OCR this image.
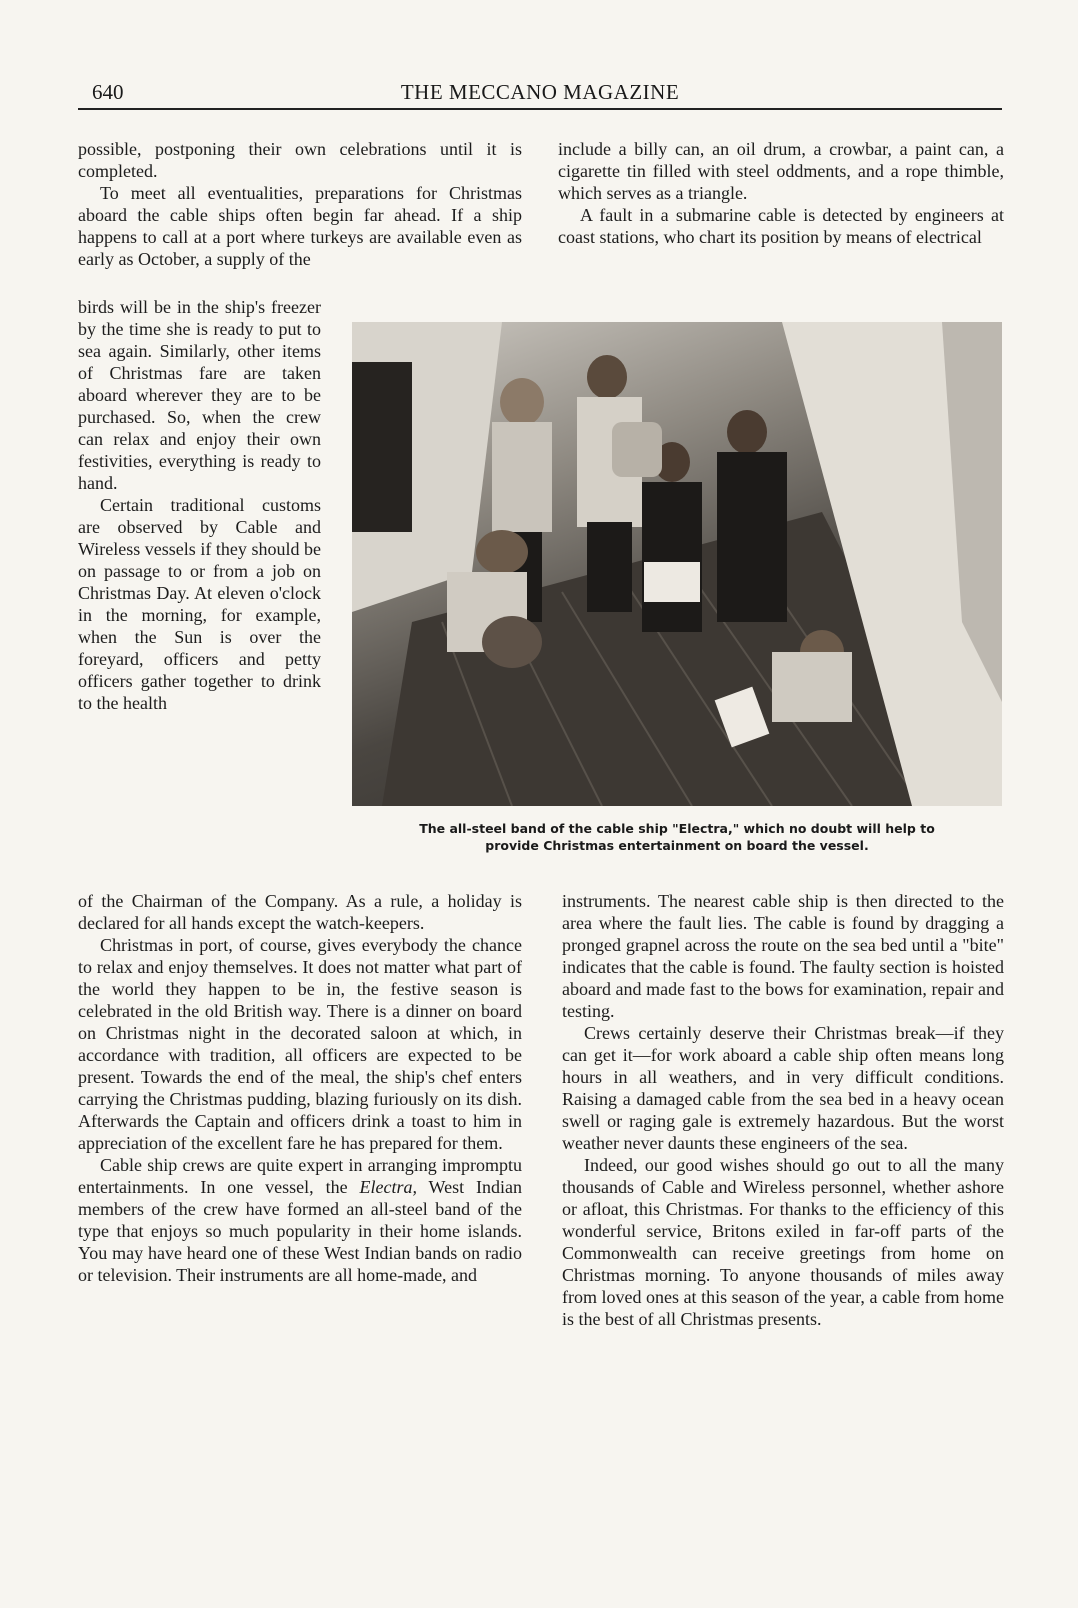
640	THE MECCANO MAGAZINE

possible, postponing their own celebrations until it is completed.

To meet all eventualities, preparations for Christmas aboard the cable ships often begin far ahead. If a ship happens to call at a port where turkeys are available even as early as October, a supply of the

birds will be in the ship's freezer by the time she is ready to put to sea again. Similarly, other items of Christmas fare are taken aboard wherever they are to be purchased. So, when the crew can relax and enjoy their own festivities, everything is ready to hand.

Certain traditional customs are observed by Cable and Wireless vessels if they should be on passage to or from a job on Christmas Day. At eleven o'clock in the morning, for example, when the Sun is over the foreyard, officers and petty officers gather together to drink to the health

include a billy can, an oil drum, a crowbar, a paint can, a cigarette tin filled with steel oddments, and a rope thimble, which serves as a triangle.

A fault in a submarine cable is detected by engineers at coast stations, who chart its position by means of electrical

The all-steel band of the cable ship "Electra," which no doubt will help to
provide Christmas entertainment on board the vessel.

of the Chairman of the Company. As a rule, a holiday is declared for all hands except the watch-keepers.

Christmas in port, of course, gives everybody the chance to relax and enjoy themselves. It does not matter what part of the world they happen to be in, the festive season is celebrated in the old British way. There is a dinner on board on Christmas night in the decorated saloon at which, in accordance with tradition, all officers are expected to be present. Towards the end of the meal, the ship's chef enters carrying the Christmas pudding, blazing furiously on its dish. Afterwards the Captain and officers drink a toast to him in appreciation of the excellent fare he has prepared for them.

Cable ship crews are quite expert in arranging impromptu entertainments. In one vessel, the Electra, West Indian members of the crew have formed an all-steel band of the type that enjoys so much popularity in their home islands. You may have heard one of these West Indian bands on radio or television. Their instruments are all home-made, and

instruments. The nearest cable ship is then directed to the area where the fault lies. The cable is found by dragging a pronged grapnel across the route on the sea bed until a "bite" indicates that the cable is found. The faulty section is hoisted aboard and made fast to the bows for examination, repair and testing.

Crews certainly deserve their Christmas break—if they can get it—for work aboard a cable ship often means long hours in all weathers, and in very difficult conditions. Raising a damaged cable from the sea bed in a heavy ocean swell or raging gale is extremely hazardous. But the worst weather never daunts these engineers of the sea.

Indeed, our good wishes should go out to all the many thousands of Cable and Wireless personnel, whether ashore or afloat, this Christmas. For thanks to the efficiency of this wonderful service, Britons exiled in far-off parts of the Commonwealth can receive greetings from home on Christmas morning. To anyone thousands of miles away from loved ones at this season of the year, a cable from home is the best of all Christmas presents.
